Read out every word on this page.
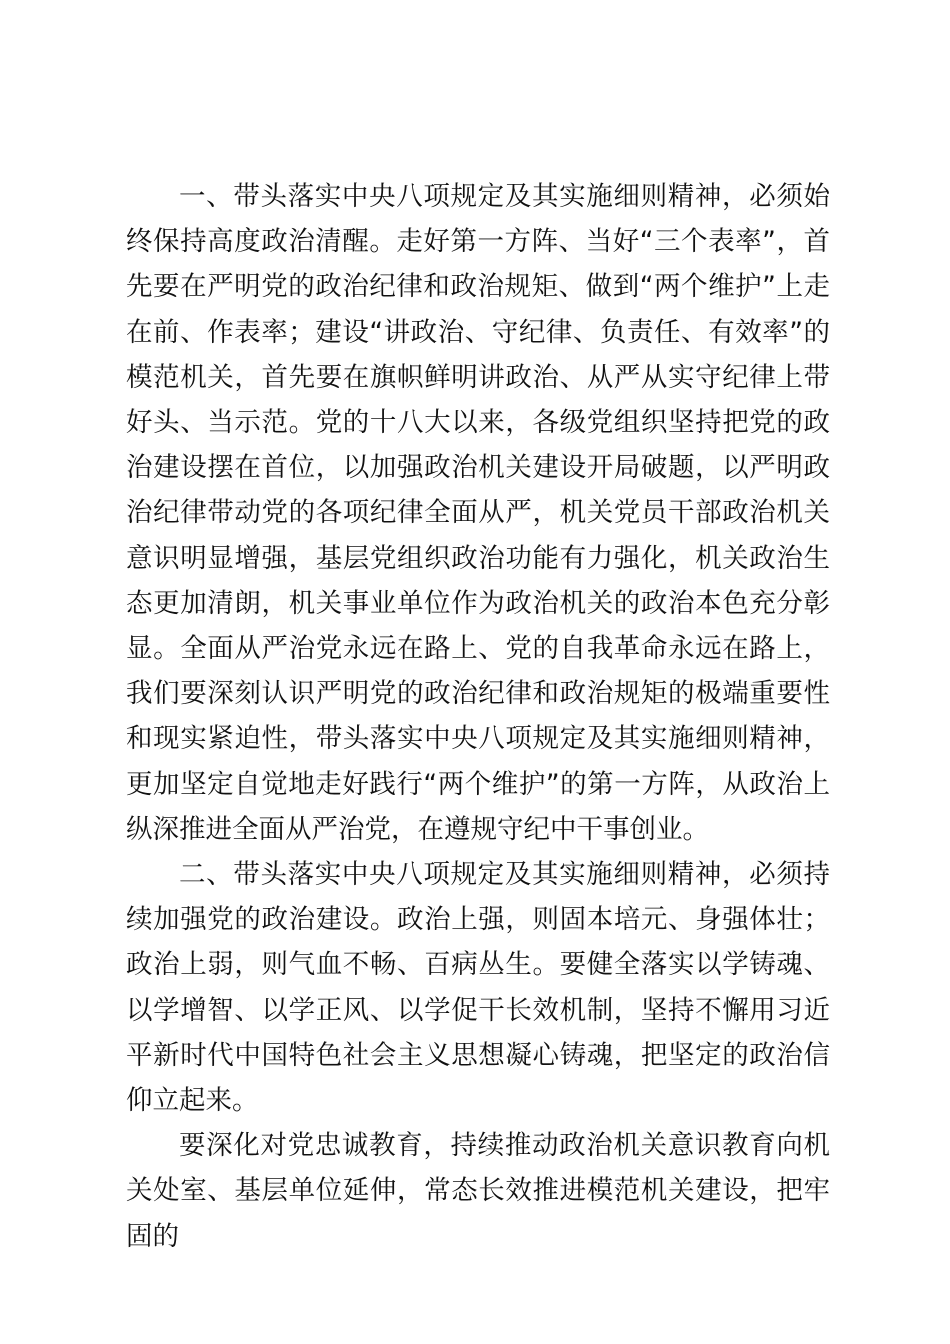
一、带头落实中央八项规定及其实施细则精神，必须始终保持高度政治清醒。走好第一方阵、当好“三个表率”，首先要在严明党的政治纪律和政治规矩、做到“两个维护”上走在前、作表率；建设“讲政治、守纪律、负责任、有效率”的模范机关，首先要在旗帜鲜明讲政治、从严从实守纪律上带好头、当示范。党的十八大以来，各级党组织坚持把党的政治建设摆在首位，以加强政治机关建设开局破题，以严明政治纪律带动党的各项纪律全面从严，机关党员干部政治机关意识明显增强，基层党组织政治功能有力强化，机关政治生态更加清朗，机关事业单位作为政治机关的政治本色充分彰显。全面从严治党永远在路上、党的自我革命永远在路上，我们要深刻认识严明党的政治纪律和政治规矩的极端重要性和现实紧迫性，带头落实中央八项规定及其实施细则精神，更加坚定自觉地走好践行“两个维护”的第一方阵，从政治上纵深推进全面从严治党，在遵规守纪中干事创业。

二、带头落实中央八项规定及其实施细则精神，必须持续加强党的政治建设。政治上强，则固本培元、身强体壮；政治上弱，则气血不畅、百病丛生。要健全落实以学铸魂、以学增智、以学正风、以学促干长效机制，坚持不懈用习近平新时代中国特色社会主义思想凝心铸魂，把坚定的政治信仰立起来。

要深化对党忠诚教育，持续推动政治机关意识教育向机关处室、基层单位延伸，常态长效推进模范机关建设，把牢固的
